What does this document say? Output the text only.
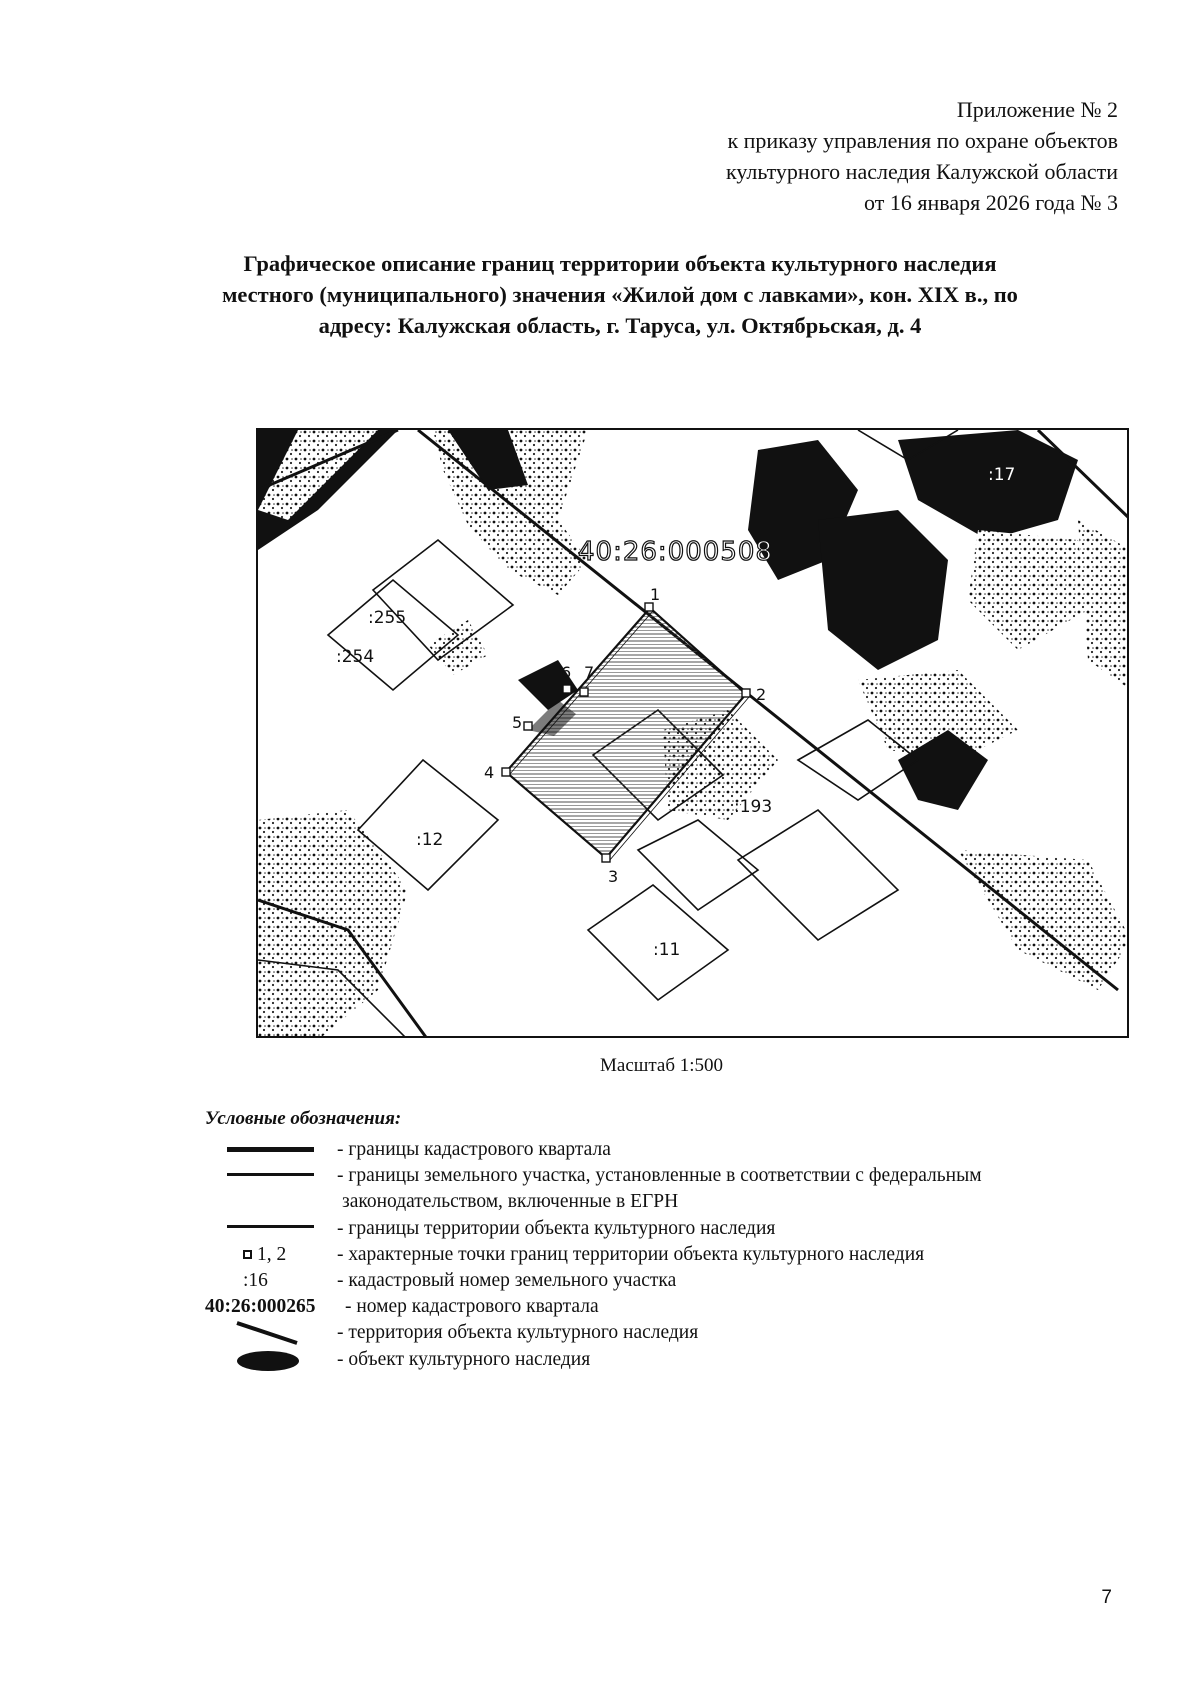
Приложение № 2
к приказу управления по охране объектов
культурного наследия Калужской области
от 16 января 2026 года № 3
Графическое описание границ территории объекта культурного наследия
местного (муниципального) значения «Жилой дом с лавками», кон. XIX в., по
адресу: Калужская область, г. Таруса, ул. Октябрьская, д. 4
40:26:000508
:255
:254
:12
:193
:11
:17
1
2
3
4
5
6 7
Масштаб 1:500
Условные обозначения:
- границы кадастрового квартала
- границы земельного участка, установленные в соответствии с федеральным
законодательством, включенные в ЕГРН
- границы территории объекта культурного наследия
1, 2	- характерные точки границ территории объекта культурного наследия
:16	- кадастровый номер земельного участка
40:26:000265 - номер кадастрового квартала
- территория объекта культурного наследия
- объект культурного наследия
7
